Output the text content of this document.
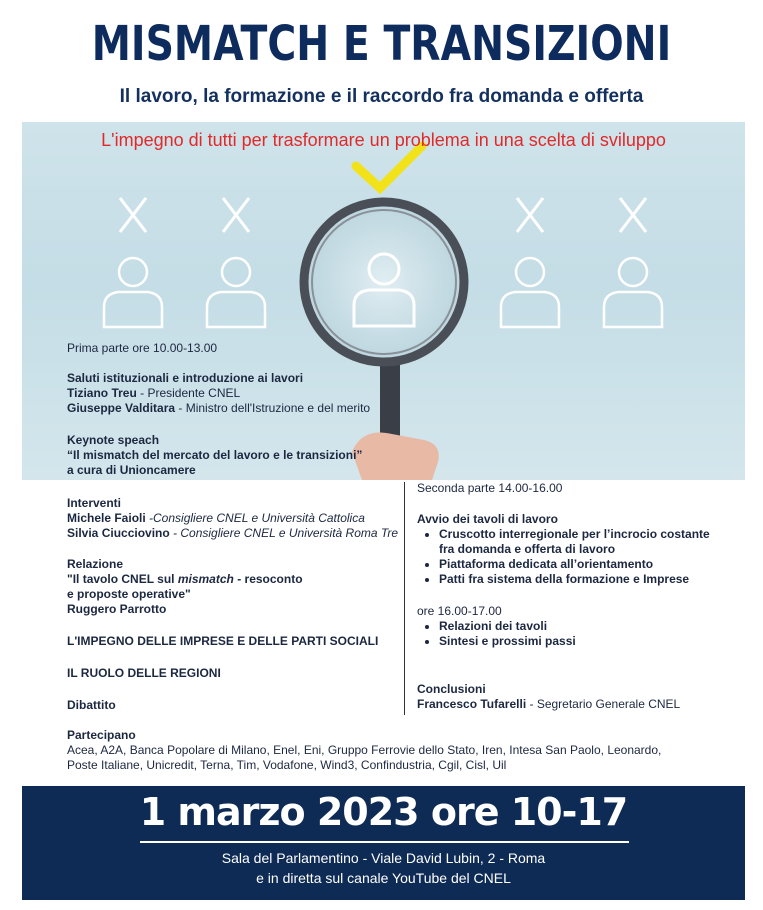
MISMATCH E TRANSIZIONI
Il lavoro, la formazione e il raccordo fra domanda e offerta
L'impegno di tutti per trasformare un problema in una scelta di sviluppo
Prima parte ore 10.00-13.00
Saluti istituzionali e introduzione ai lavori
Tiziano Treu - Presidente CNEL
Giuseppe Valditara - Ministro dell'Istruzione e del merito
Keynote speach
“Il mismatch del mercato del lavoro e le transizioni”
a cura di Unioncamere
Interventi
Michele Faioli -Consigliere CNEL e Università Cattolica
Silvia Ciucciovino - Consigliere CNEL e Università Roma Tre
Relazione
"Il tavolo CNEL sul mismatch - resoconto
e proposte operative"
Ruggero Parrotto
L'IMPEGNO DELLE IMPRESE E DELLE PARTI SOCIALI
IL RUOLO DELLE REGIONI
Dibattito
Seconda parte 14.00-16.00
Avvio dei tavoli di lavoro
• Cruscotto interregionale per l’incrocio costante fra domanda e offerta di lavoro
• Piattaforma dedicata all’orientamento
• Patti fra sistema della formazione e Imprese
ore 16.00-17.00
• Relazioni dei tavoli
• Sintesi e prossimi passi
Conclusioni
Francesco Tufarelli - Segretario Generale CNEL
Partecipano
Acea, A2A, Banca Popolare di Milano, Enel, Eni, Gruppo Ferrovie dello Stato, Iren, Intesa San Paolo, Leonardo,
Poste Italiane, Unicredit, Terna, Tim, Vodafone, Wind3, Confindustria, Cgil, Cisl, Uil
1 marzo 2023 ore 10-17
Sala del Parlamentino - Viale David Lubin, 2 - Roma
e in diretta sul canale YouTube del CNEL
